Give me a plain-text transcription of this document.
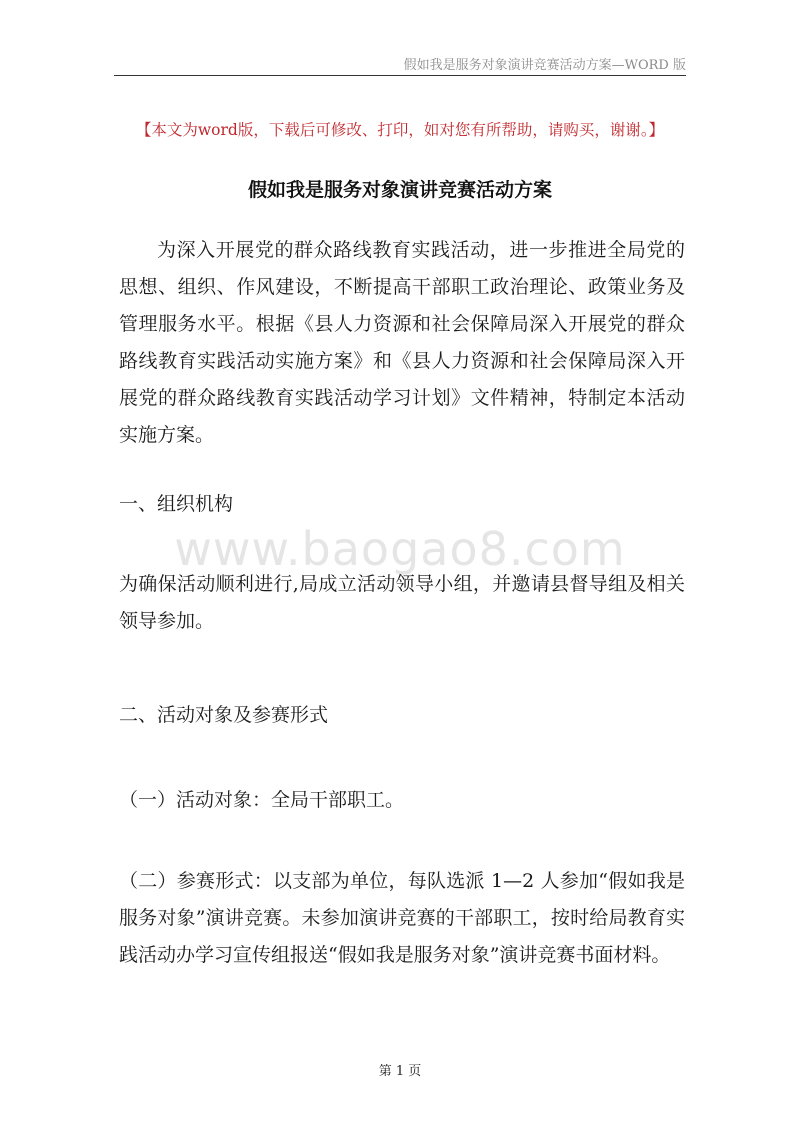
假如我是服务对象演讲竞赛活动方案—WORD 版
【本文为word版，下载后可修改、打印，如对您有所帮助，请购买，谢谢。】
假如我是服务对象演讲竞赛活动方案
为深入开展党的群众路线教育实践活动，进一步推进全局党的思想、组织、作风建设，不断提高干部职工政治理论、政策业务及管理服务水平。根据《县人力资源和社会保障局深入开展党的群众路线教育实践活动实施方案》和《县人力资源和社会保障局深入开展党的群众路线教育实践活动学习计划》文件精神，特制定本活动实施方案。
一、组织机构
www.baogao8.com
为确保活动顺利进行,局成立活动领导小组，并邀请县督导组及相关领导参加。
二、活动对象及参赛形式
（一）活动对象：全局干部职工。
（二）参赛形式：以支部为单位，每队选派 1—2 人参加“假如我是服务对象”演讲竞赛。未参加演讲竞赛的干部职工，按时给局教育实践活动办学习宣传组报送“假如我是服务对象”演讲竞赛书面材料。
第 1 页
